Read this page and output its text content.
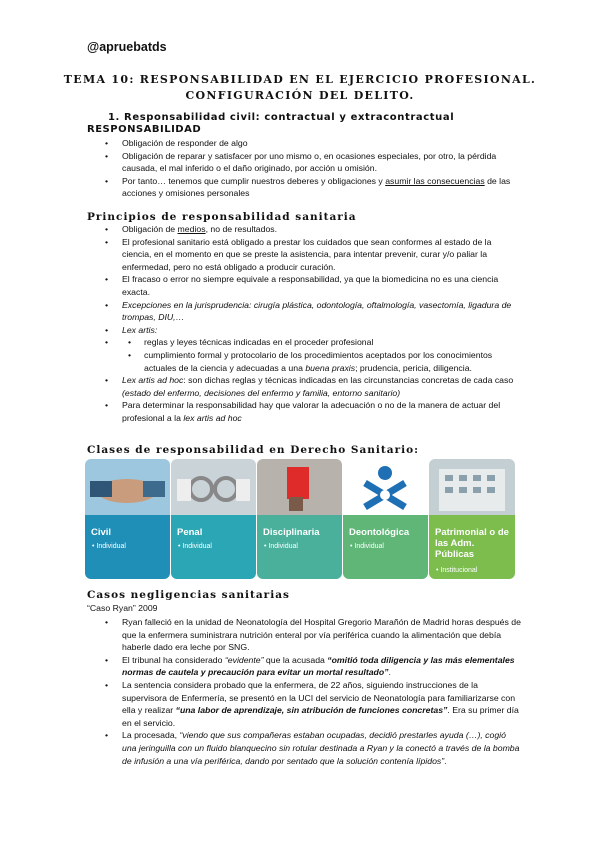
@apruebatds
TEMA 10: RESPONSABILIDAD EN EL EJERCICIO PROFESIONAL.
CONFIGURACIÓN DEL DELITO.
1. Responsabilidad civil: contractual y extracontractual
RESPONSABILIDAD
• Obligación de responder de algo
• Obligación de reparar y satisfacer por uno mismo o, en ocasiones especiales, por otro, la pérdida causada, el mal inferido o el daño originado, por acción u omisión.
• Por tanto… tenemos que cumplir nuestros deberes y obligaciones y asumir las consecuencias de las acciones y omisiones personales
Principios de responsabilidad sanitaria
• Obligación de medios, no de resultados.
• El profesional sanitario está obligado a prestar los cuidados que sean conformes al estado de la ciencia, en el momento en que se preste la asistencia, para intentar prevenir, curar y/o paliar la enfermedad, pero no está obligado a producir curación.
• El fracaso o error no siempre equivale a responsabilidad, ya que la biomedicina no es una ciencia exacta.
• Excepciones en la jurisprudencia: cirugía plástica, odontología, oftalmología, vasectomía, ligadura de trompas, DIU,…
• Lex artis:
• • reglas y leyes técnicas indicadas en el proceder profesional
• cumplimiento formal y protocolario de los procedimientos aceptados por los conocimientos actuales de la ciencia y adecuadas a una buena praxis; prudencia, pericia, diligencia.
• Lex artis ad hoc: son dichas reglas y técnicas indicadas en las circunstancias concretas de cada caso (estado del enfermo, decisiones del enfermo y familia, entorno sanitario)
• Para determinar la responsabilidad hay que valorar la adecuación o no de la manera de actuar del profesional a la lex artis ad hoc
Clases de responsabilidad en Derecho Sanitario:
Civil
• Individual
Penal
• Individual
Disciplinaria
• Individual
Deontológica
• Individual
Patrimonial o de las Adm. Públicas
• Institucional
Casos negligencias sanitarias
“Caso Ryan” 2009
• Ryan falleció en la unidad de Neonatología del Hospital Gregorio Marañón de Madrid horas después de que la enfermera suministrara nutrición enteral por vía periférica cuando la alimentación que debía haberle dado era leche por SNG.
• El tribunal ha considerado “evidente” que la acusada “omitió toda diligencia y las más elementales normas de cautela y precaución para evitar un mortal resultado”.
• La sentencia considera probado que la enfermera, de 22 años, siguiendo instrucciones de la supervisora de Enfermería, se presentó en la UCI del servicio de Neonatología para familiarizarse con ella y realizar “una labor de aprendizaje, sin atribución de funciones concretas”. Era su primer día en el servicio.
• La procesada, “viendo que sus compañeras estaban ocupadas, decidió prestarles ayuda (…), cogió una jeringuilla con un fluido blanquecino sin rotular destinada a Ryan y la conectó a través de la bomba de infusión a una vía periférica, dando por sentado que la solución contenía lípidos”.
